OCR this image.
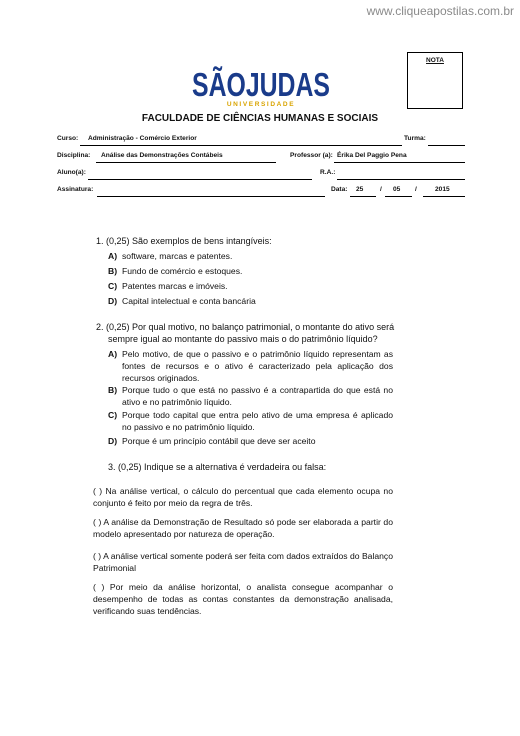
www.cliqueapostilas.com.br
NOTA
SÃOJUDAS
UNIVERSIDADE
FACULDADE DE CIÊNCIAS HUMANAS E SOCIAIS
Curso: Administração - Comércio Exterior	Turma:
Disciplina: Análise das Demonstrações Contábeis	Professor (a): Érika Del Paggio Pena
Aluno(a):	R.A.:
Assinatura:	Data: 25	/ 05 /	2015
1. (0,25) São exemplos de bens intangíveis:
A) software, marcas e patentes.
B) Fundo de comércio e estoques.
C) Patentes marcas e imóveis.
D) Capital intelectual e conta bancária
2. (0,25) Por qual motivo, no balanço patrimonial, o montante do ativo será
sempre igual ao montante do passivo mais o do patrimônio líquido?
A) Pelo motivo, de que o passivo e o patrimônio líquido representam as fontes de recursos e o ativo é caracterizado pela aplicação dos recursos originados.
B) Porque tudo o que está no passivo é a contrapartida do que está no ativo e no patrimônio líquido.
C) Porque todo capital que entra pelo ativo de uma empresa é aplicado no passivo e no patrimônio líquido.
D) Porque é um princípio contábil que deve ser aceito
3. (0,25) Indique se a alternativa é verdadeira ou falsa:
( ) Na análise vertical, o cálculo do percentual que cada elemento ocupa no conjunto é feito por meio da regra de três.
( ) A análise da Demonstração de Resultado só pode ser elaborada a partir do modelo apresentado por natureza de operação.
( ) A análise vertical somente poderá ser feita com dados extraídos do Balanço Patrimonial
( ) Por meio da análise horizontal, o analista consegue acompanhar o desempenho de todas as contas constantes da demonstração analisada, verificando suas tendências.
